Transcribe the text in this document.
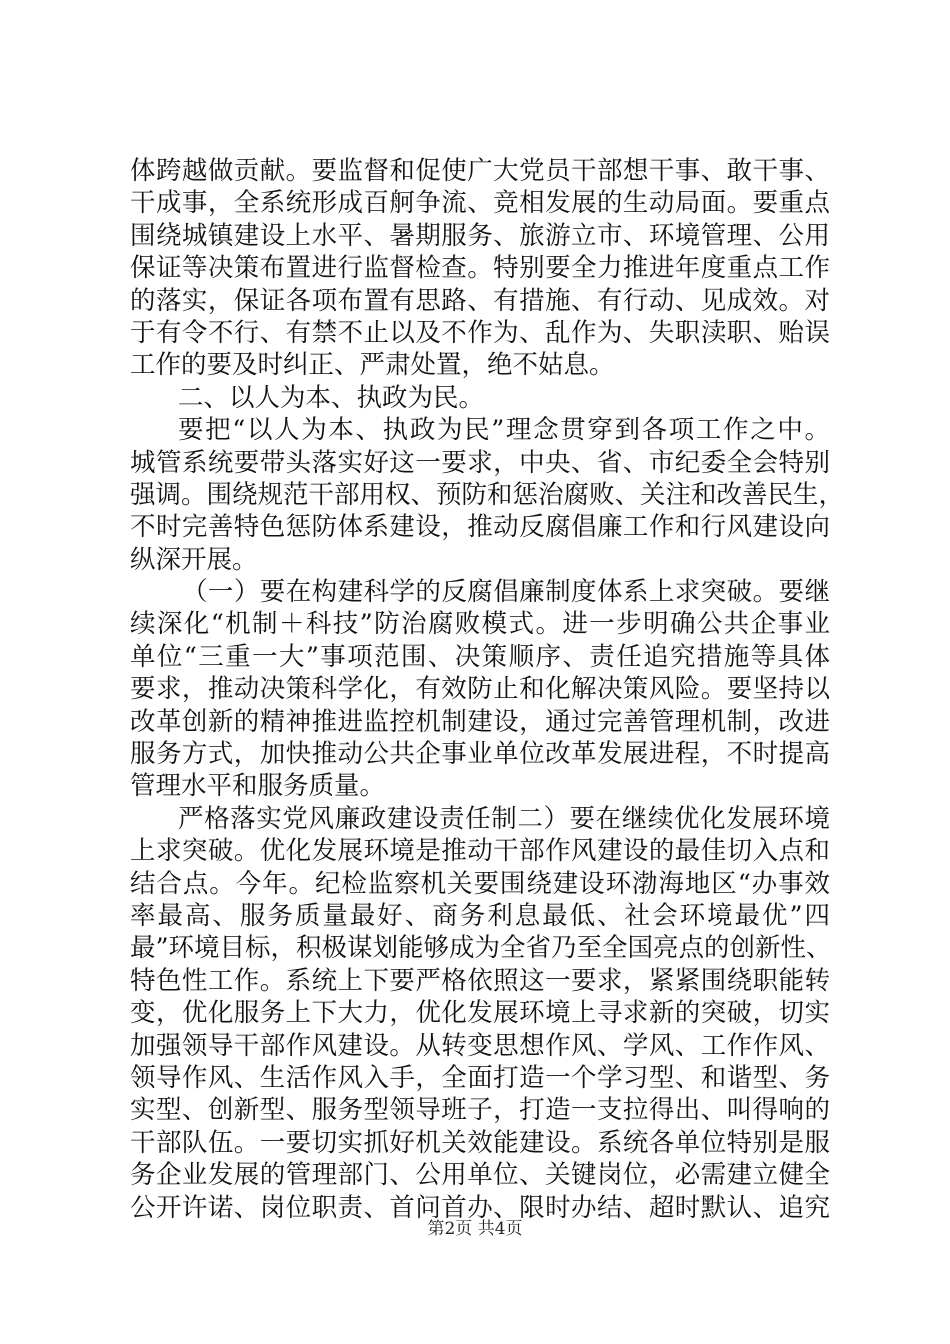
体跨越做贡献。要监督和促使广大党员干部想干事、敢干事、
干成事，全系统形成百舸争流、竞相发展的生动局面。要重点
围绕城镇建设上水平、暑期服务、旅游立市、环境管理、公用
保证等决策布置进行监督检查。特别要全力推进年度重点工作
的落实，保证各项布置有思路、有措施、有行动、见成效。对
于有令不行、有禁不止以及不作为、乱作为、失职渎职、贻误
工作的要及时纠正、严肃处置，绝不姑息。
二、以人为本、执政为民。
要把“以人为本、执政为民”理念贯穿到各项工作之中。
城管系统要带头落实好这一要求，中央、省、市纪委全会特别
强调。围绕规范干部用权、预防和惩治腐败、关注和改善民生，
不时完善特色惩防体系建设，推动反腐倡廉工作和行风建设向
纵深开展。
（一）要在构建科学的反腐倡廉制度体系上求突破。要继
续深化“机制＋科技”防治腐败模式。进一步明确公共企事业
单位“三重一大”事项范围、决策顺序、责任追究措施等具体
要求，推动决策科学化，有效防止和化解决策风险。要坚持以
改革创新的精神推进监控机制建设，通过完善管理机制，改进
服务方式，加快推动公共企事业单位改革发展进程，不时提高
管理水平和服务质量。
严格落实党风廉政建设责任制二）要在继续优化发展环境
上求突破。优化发展环境是推动干部作风建设的最佳切入点和
结合点。今年。纪检监察机关要围绕建设环渤海地区“办事效
率最高、服务质量最好、商务利息最低、社会环境最优”四
最”环境目标，积极谋划能够成为全省乃至全国亮点的创新性、
特色性工作。系统上下要严格依照这一要求，紧紧围绕职能转
变，优化服务上下大力，优化发展环境上寻求新的突破，切实
加强领导干部作风建设。从转变思想作风、学风、工作作风、
领导作风、生活作风入手，全面打造一个学习型、和谐型、务
实型、创新型、服务型领导班子，打造一支拉得出、叫得响的
干部队伍。一要切实抓好机关效能建设。系统各单位特别是服
务企业发展的管理部门、公用单位、关键岗位，必需建立健全
公开许诺、岗位职责、首问首办、限时办结、超时默认、追究
第2页 共4页
